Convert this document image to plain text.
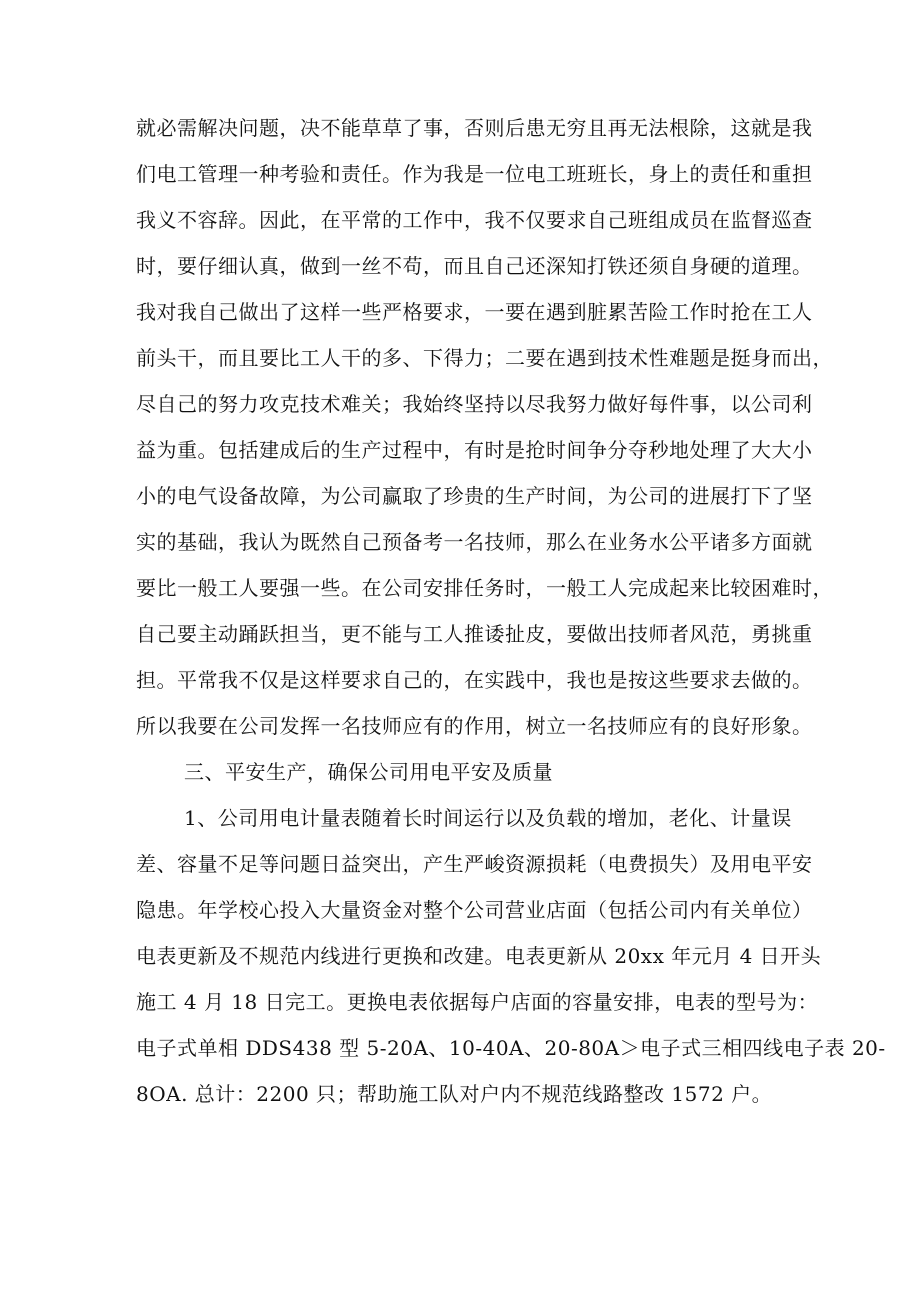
就必需解决问题，决不能草草了事，否则后患无穷且再无法根除，这就是我
们电工管理一种考验和责任。作为我是一位电工班班长，身上的责任和重担
我义不容辞。因此，在平常的工作中，我不仅要求自己班组成员在监督巡查
时，要仔细认真，做到一丝不苟，而且自己还深知打铁还须自身硬的道理。
我对我自己做出了这样一些严格要求，一要在遇到脏累苦险工作时抢在工人
前头干，而且要比工人干的多、下得力；二要在遇到技术性难题是挺身而出，
尽自己的努力攻克技术难关；我始终坚持以尽我努力做好每件事，以公司利
益为重。包括建成后的生产过程中，有时是抢时间争分夺秒地处理了大大小
小的电气设备故障，为公司赢取了珍贵的生产时间，为公司的进展打下了坚
实的基础，我认为既然自己预备考一名技师，那么在业务水公平诸多方面就
要比一般工人要强一些。在公司安排任务时，一般工人完成起来比较困难时，
自己要主动踊跃担当，更不能与工人推诿扯皮，要做出技师者风范，勇挑重
担。平常我不仅是这样要求自己的，在实践中，我也是按这些要求去做的。
所以我要在公司发挥一名技师应有的作用，树立一名技师应有的良好形象。
三、平安生产，确保公司用电平安及质量
1、公司用电计量表随着长时间运行以及负载的增加，老化、计量误
差、容量不足等问题日益突出，产生严峻资源损耗（电费损失）及用电平安
隐患。年学校心投入大量资金对整个公司营业店面（包括公司内有关单位）
电表更新及不规范内线进行更换和改建。电表更新从 20xx 年元月 4 日开头
施工 4 月 18 日完工。更换电表依据每户店面的容量安排，电表的型号为：
电子式单相 DDS438 型 5-20A、10-40A、20-80A＞电子式三相四线电子表 20-
8OA. 总计：2200 只；帮助施工队对户内不规范线路整改 1572 户。
